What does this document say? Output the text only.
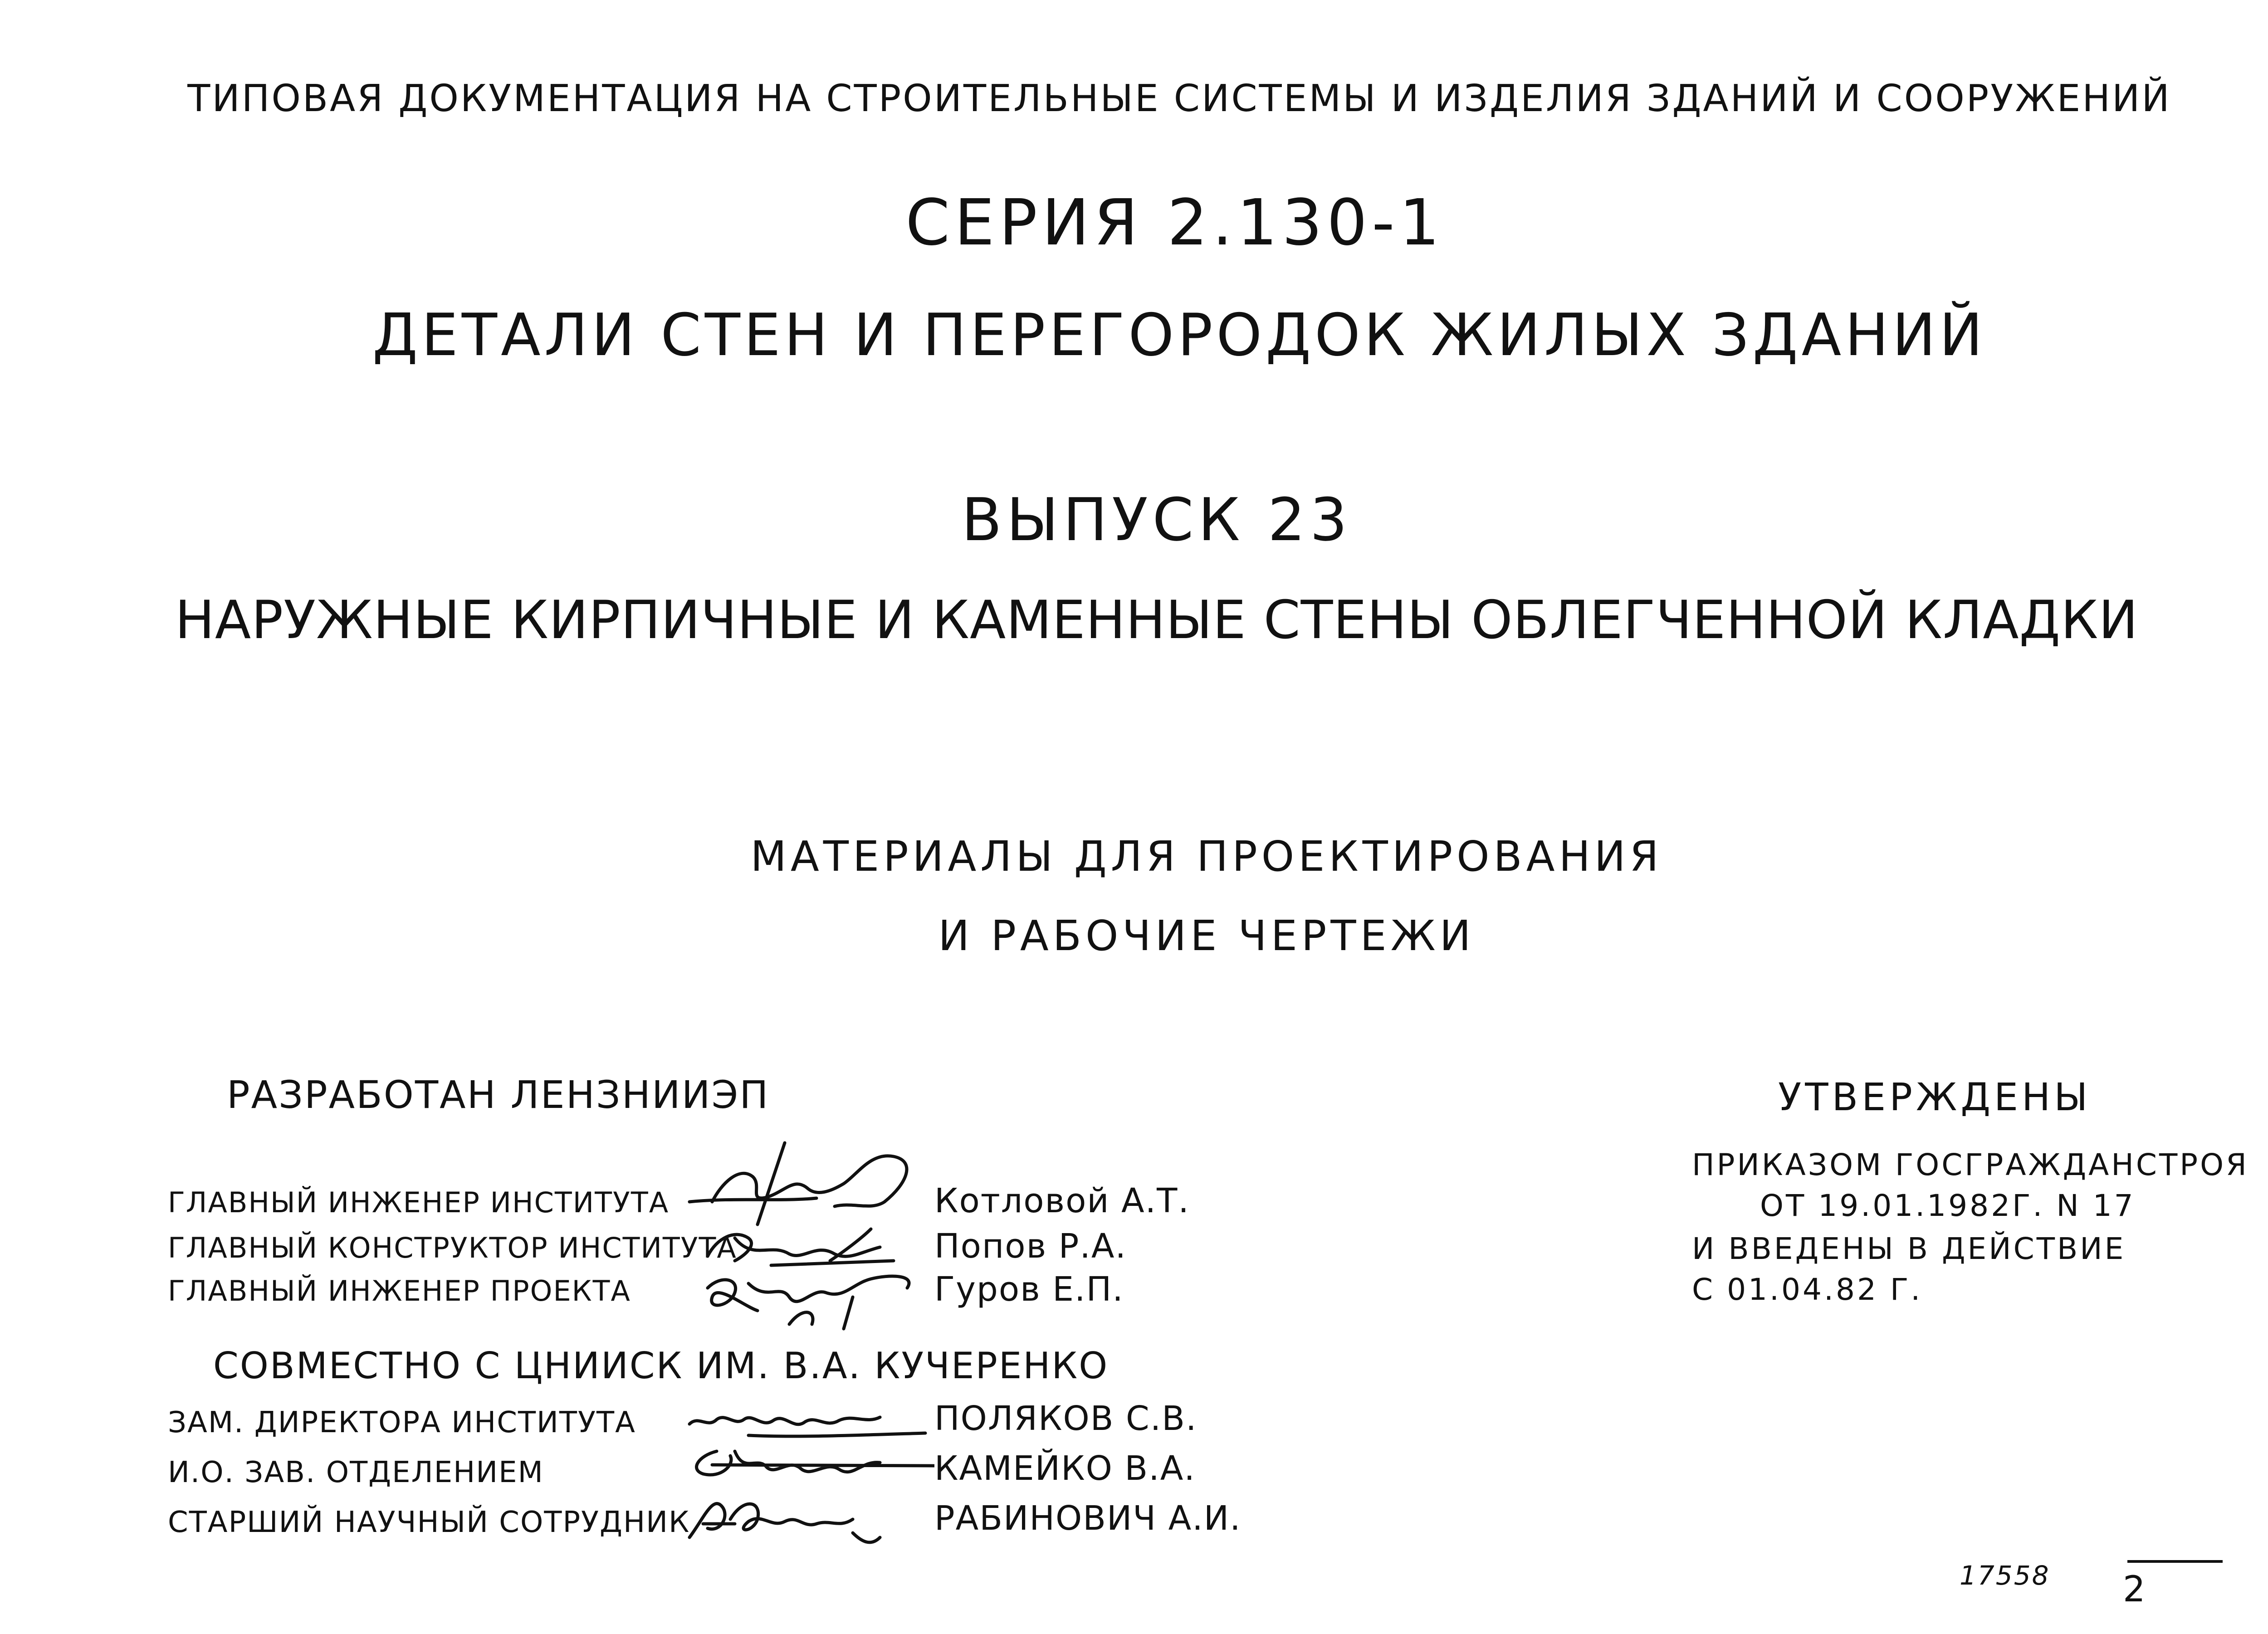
ТИПОВАЯ ДОКУМЕНТАЦИЯ НА СТРОИТЕЛЬНЫЕ СИСТЕМЫ И ИЗДЕЛИЯ ЗДАНИЙ И СООРУЖЕНИЙ
СЕРИЯ 2.130-1
ДЕТАЛИ СТЕН И ПЕРЕГОРОДОК ЖИЛЫХ ЗДАНИЙ
ВЫПУСК 23
НАРУЖНЫЕ КИРПИЧНЫЕ И КАМЕННЫЕ СТЕНЫ ОБЛЕГЧЕННОЙ КЛАДКИ
МАТЕРИАЛЫ ДЛЯ ПРОЕКТИРОВАНИЯ
И РАБОЧИЕ ЧЕРТЕЖИ
РАЗРАБОТАН ЛЕНЗНИИЭП
ГЛАВНЫЙ ИНЖЕНЕР ИНСТИТУТА	Котловой А.Т.
ГЛАВНЫЙ КОНСТРУКТОР ИНСТИТУТА	Попов Р.А.
ГЛАВНЫЙ ИНЖЕНЕР ПРОЕКТА	Гуров Е.П.
СОВМЕСТНО С ЦНИИСК ИМ. В.А. КУЧЕРЕНКО
ЗАМ. ДИРЕКТОРА ИНСТИТУТА	ПОЛЯКОВ С.В.
И.О. ЗАВ. ОТДЕЛЕНИЕМ	КАМЕЙКО В.А.
СТАРШИЙ НАУЧНЫЙ СОТРУДНИК	РАБИНОВИЧ А.И.
УТВЕРЖДЕНЫ
ПРИКАЗОМ ГОСГРАЖДАНСТРОЯ
ОТ 19.01.1982Г. N 17
И ВВЕДЕНЫ В ДЕЙСТВИЕ
С 01.04.82 Г.
17558 2
